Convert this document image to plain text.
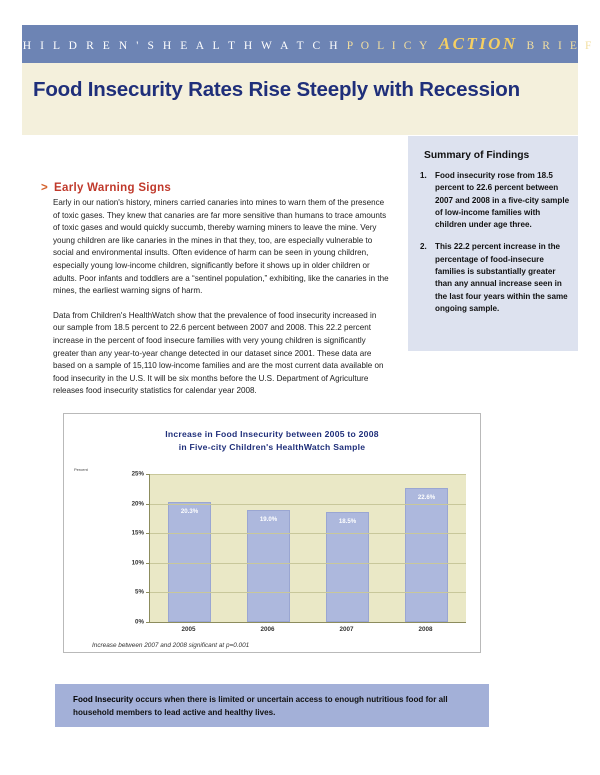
C H I L D R E N ' S H E A L T H W A T C H P O L I C Y ACTION B R I E F
Food Insecurity Rates Rise Steeply with Recession
> Early Warning Signs

Early in our nation's history, miners carried canaries into mines to warn them of the presence of toxic gases. They knew that canaries are far more sensitive than humans to trace amounts of toxic gases and would quickly succumb, thereby warning miners to leave the mine. Very young children are like canaries in the mines in that they, too, are especially vulnerable to social and environmental insults. Often evidence of harm can be seen in young children, especially young low-income children, significantly before it shows up in older children or adults. Poor infants and toddlers are a “sentinel population,” exhibiting, like the canaries in the mines, the earliest warning signs of harm.

Data from Children's HealthWatch show that the prevalence of food insecurity increased in our sample from 18.5 percent to 22.6 percent between 2007 and 2008. This 22.2 percent increase in the percent of food insecure families with very young children is significantly greater than any year-to-year change detected in our dataset since 2001. These data are based on a sample of 15,110 low-income families and are the most current data available on food insecurity in the U.S. It will be six months before the U.S. Department of Agriculture releases food insecurity statistics for calendar year 2008.

Summary of Findings
1.	Food insecurity rose from 18.5 percent to 22.6 percent between 2007 and 2008 in a five-city sample of low-income families with children under age three.
2.	This 22.2 percent increase in the percentage of food-insecure families is substantially greater than any annual increase seen in the last four years within the same ongoing sample.
Increase in Food Insecurity between 2005 to 2008
in Five-city Children's HealthWatch Sample
Percent
20.3%
19.0%	18.5%
22.6%
0%
5%
10%
15%
20%
25%
2005	2006	2007	2008
Increase between 2007 and 2008 significant at p=0.001
Food Insecurity occurs when there is limited or uncertain access to enough nutritious food for all household members to lead active and healthy lives.
